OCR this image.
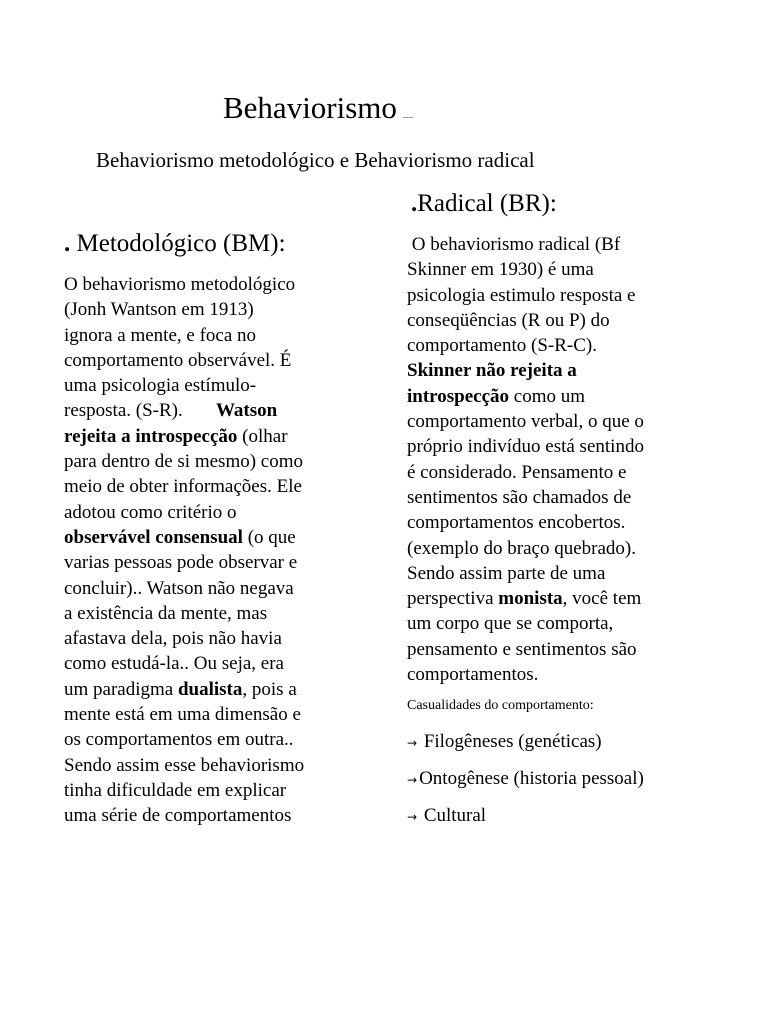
Behaviorismo .....
Behaviorismo metodológico e Behaviorismo radical
. Metodológico (BM):
O behaviorismo metodológico
(Jonh Wantson em 1913)
ignora a mente, e foca no
comportamento observável. É
uma psicologia estímulo-
resposta. (S-R).       Watson
rejeita a introspecção (olhar
para dentro de si mesmo) como
meio de obter informações. Ele
adotou como critério o
observável consensual (o que
varias pessoas pode observar e
concluir).. Watson não negava
a existência da mente, mas
afastava dela, pois não havia
como estudá-la.. Ou seja, era
um paradigma dualista, pois a
mente está em uma dimensão e
os comportamentos em outra..
Sendo assim esse behaviorismo
tinha dificuldade em explicar
uma série de comportamentos
.Radical (BR):
O behaviorismo radical (Bf
Skinner em 1930) é uma
psicologia estimulo resposta e
conseqüências (R ou P) do
comportamento (S-R-C).
Skinner não rejeita a
introspecção como um
comportamento verbal, o que o
próprio indivíduo está sentindo
é considerado. Pensamento e
sentimentos são chamados de
comportamentos encobertos.
(exemplo do braço quebrado).
Sendo assim parte de uma
perspectiva monista, você tem
um corpo que se comporta,
pensamento e sentimentos são
comportamentos.
Casualidades do comportamento:
→ Filogêneses (genéticas)
→ Ontogênese (historia pessoal)
→ Cultural
